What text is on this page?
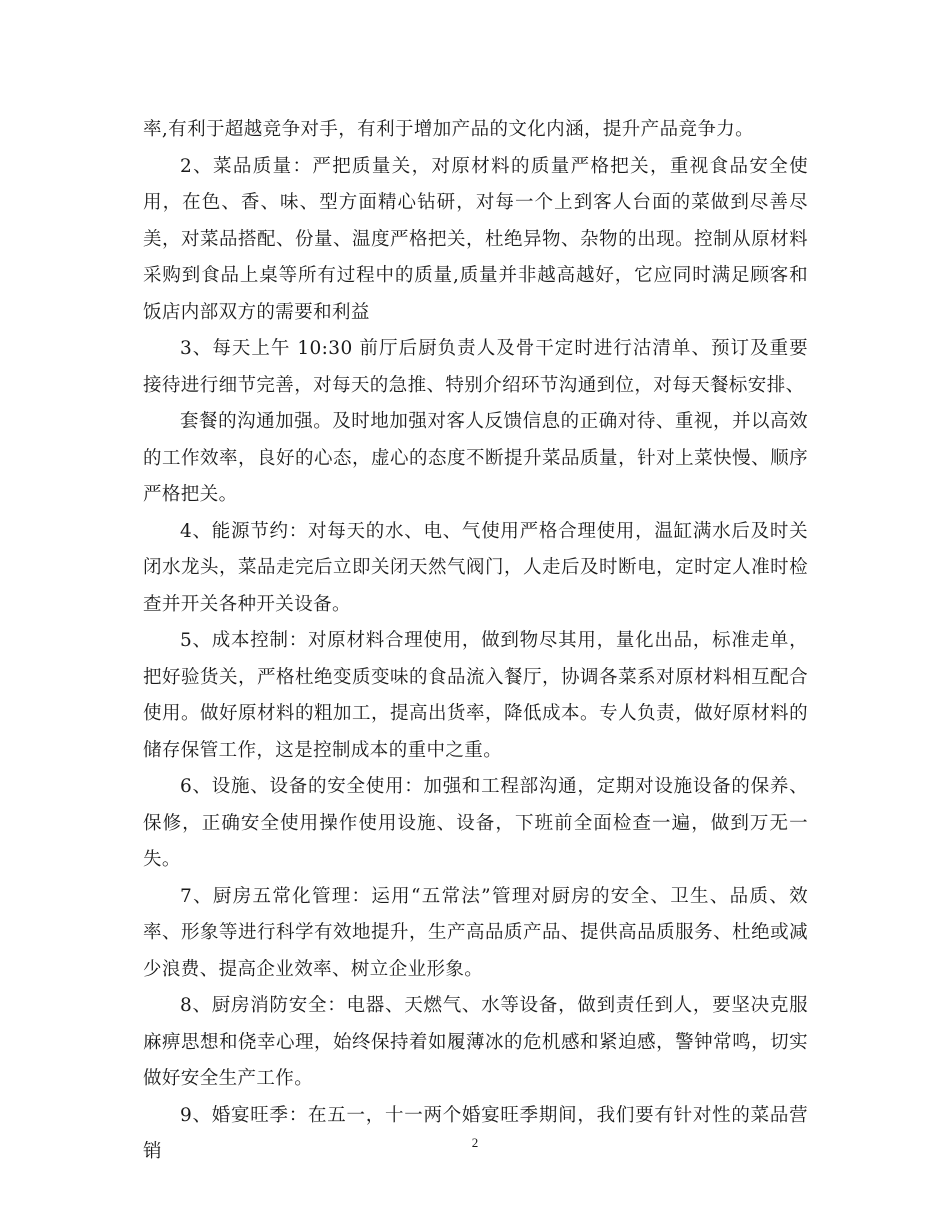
率,有利于超越竞争对手，有利于增加产品的文化内涵，提升产品竞争力。

2、菜品质量：严把质量关，对原材料的质量严格把关，重视食品安全使用，在色、香、味、型方面精心钻研，对每一个上到客人台面的菜做到尽善尽美，对菜品搭配、份量、温度严格把关，杜绝异物、杂物的出现。控制从原材料采购到食品上桌等所有过程中的质量,质量并非越高越好，它应同时满足顾客和饭店内部双方的需要和利益

3、每天上午 10:30 前厅后厨负责人及骨干定时进行沽清单、预订及重要接待进行细节完善，对每天的急推、特别介绍环节沟通到位，对每天餐标安排、

套餐的沟通加强。及时地加强对客人反馈信息的正确对待、重视，并以高效的工作效率，良好的心态，虚心的态度不断提升菜品质量，针对上菜快慢、顺序严格把关。

4、能源节约：对每天的水、电、气使用严格合理使用，温缸满水后及时关闭水龙头，菜品走完后立即关闭天然气阀门，人走后及时断电，定时定人准时检查并开关各种开关设备。

5、成本控制：对原材料合理使用，做到物尽其用，量化出品，标准走单，把好验货关，严格杜绝变质变味的食品流入餐厅，协调各菜系对原材料相互配合使用。做好原材料的粗加工，提高出货率，降低成本。专人负责，做好原材料的储存保管工作，这是控制成本的重中之重。

6、设施、设备的安全使用：加强和工程部沟通，定期对设施设备的保养、保修，正确安全使用操作使用设施、设备，下班前全面检查一遍，做到万无一失。

7、厨房五常化管理：运用“五常法”管理对厨房的安全、卫生、品质、效率、形象等进行科学有效地提升，生产高品质产品、提供高品质服务、杜绝或减少浪费、提高企业效率、树立企业形象。

8、厨房消防安全：电器、天燃气、水等设备，做到责任到人，要坚决克服麻痹思想和侥幸心理，始终保持着如履薄冰的危机感和紧迫感，警钟常鸣，切实做好安全生产工作。

9、婚宴旺季：在五一，十一两个婚宴旺季期间，我们要有针对性的菜品营销	2
